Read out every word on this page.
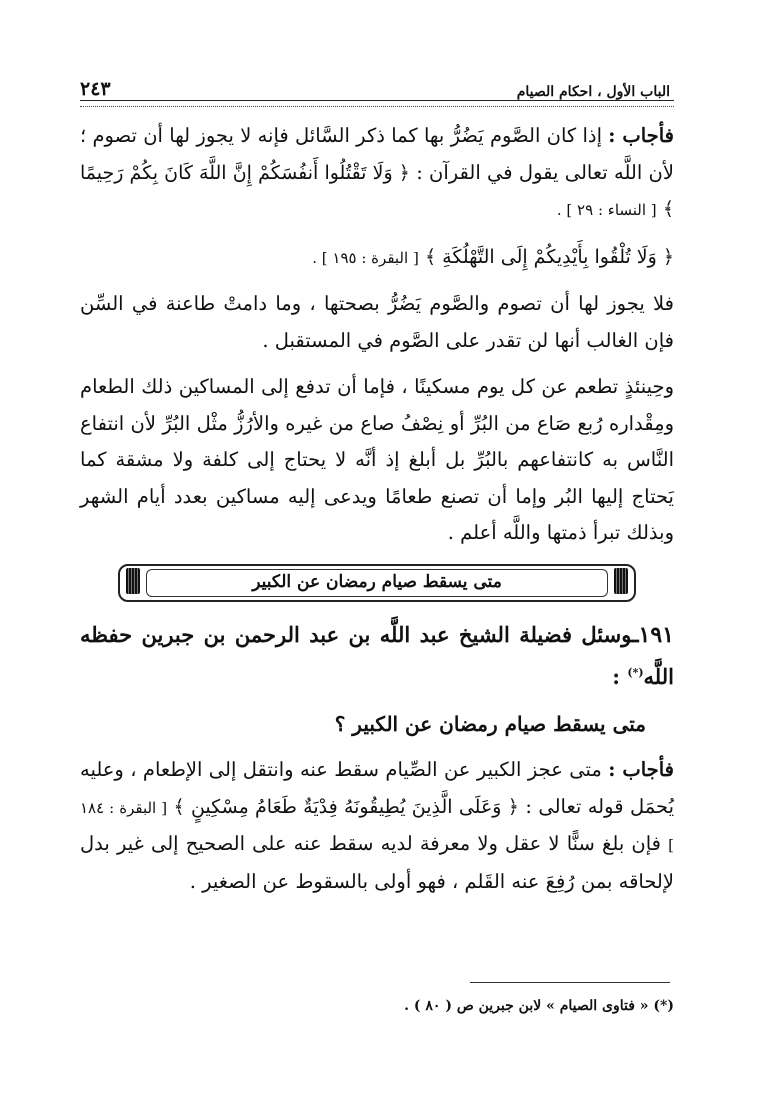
٢٤٣	الباب الأول ، احكام الصيام

فأجاب : إذا كان الصَّوم يَضُرُّ بها كما ذكر السَّائل فإنه لا يجوز لها أن تصوم ؛ لأن اللَّه تعالى يقول في القرآن : ﴿ وَلَا تَقْتُلُوا أَنفُسَكُمْ إِنَّ اللَّهَ كَانَ بِكُمْ رَحِيمًا ﴾ [ النساء : ٢٩ ] .

﴿ وَلَا تُلْقُوا بِأَيْدِيكُمْ إِلَى التَّهْلُكَةِ ﴾ [ البقرة : ١٩٥ ] .

فلا يجوز لها أن تصوم والصَّوم يَضُرُّ بصحتها ، وما دامتْ طاعنة في السِّن فإن الغالب أنها لن تقدر على الصَّوم في المستقبل .

وحِينئذٍ تطعم عن كل يوم مسكينًا ، فإما أن تدفع إلى المساكين ذلك الطعام ومِقْداره رُبع صَاع من البُرِّ أو نِصْفُ صاع من غيره والأرُزُّ مثْل البُرِّ لأن انتفاع النَّاس به كانتفاعهم بالبُرِّ بل أبلغ إذ أنَّه لا يحتاج إلى كلفة ولا مشقة كما يَحتاج إليها البُر وإما أن تصنع طعامًا ويدعى إليه مساكين بعدد أيام الشهر وبذلك تبرأ ذمتها واللَّه أعلم .

متى يسقط صيام رمضان عن الكبير

١٩١ـوسئل فضيلة الشيخ عبد اللَّه بن عبد الرحمن بن جبرين حفظه اللَّه(*) :

متى يسقط صيام رمضان عن الكبير ؟

فأجاب : متى عجز الكبير عن الصِّيام سقط عنه وانتقل إلى الإطعام ، وعليه يُحمَل قوله تعالى : ﴿ وَعَلَى الَّذِينَ يُطِيقُونَهُ فِدْيَةٌ طَعَامُ مِسْكِينٍ ﴾ [ البقرة : ١٨٤ ] فإن بلغ سنًّا لا عقل ولا معرفة لديه سقط عنه على الصحيح إلى غير بدل لإلحاقه بمن رُفِعَ عنه القَلم ، فهو أولى بالسقوط عن الصغير .

(*) « فتاوى الصيام » لابن جبرين ص ( ٨٠ ) .
